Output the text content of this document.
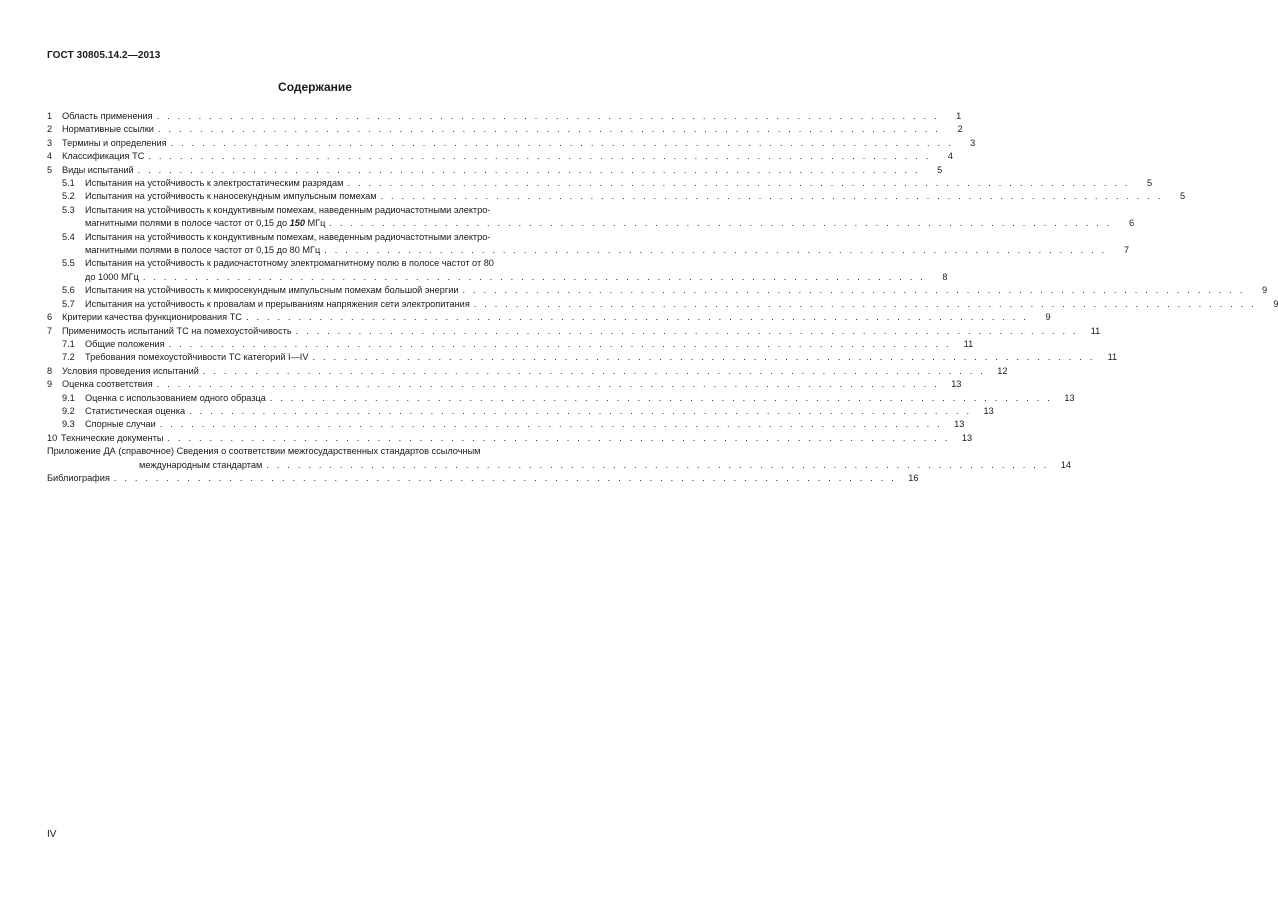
ГОСТ 30805.14.2—2013
Содержание
1	Область применения . . . . . . . . . . . . . . . . . . . . . . . . . . . . . . . . . . . . . . . . . . . . . . . . . . . . . . . . . . . . . . . . . . . . . . . . . . .	1
2	Нормативные ссылки . . . . . . . . . . . . . . . . . . . . . . . . . . . . . . . . . . . . . . . . . . . . . . . . . . . . . . . . . . . . . . . . . . . . . . . . . . .	2
3	Термины и определения . . . . . . . . . . . . . . . . . . . . . . . . . . . . . . . . . . . . . . . . . . . . . . . . . . . . . . . . . . . . . . . . . . . . . . . . . . .	3
4	Классификация ТС . . . . . . . . . . . . . . . . . . . . . . . . . . . . . . . . . . . . . . . . . . . . . . . . . . . . . . . . . . . . . . . . . . . . . . . . . . .	4
5	Виды испытаний . . . . . . . . . . . . . . . . . . . . . . . . . . . . . . . . . . . . . . . . . . . . . . . . . . . . . . . . . . . . . . . . . . . . . . . . . . .	5
5.1	Испытания на устойчивость к электростатическим разрядам . . . . . . . . . . . . . . . . . . . . . . . . . . . . . . . . . . . . . . . . . . . . . . . . . . . . . . . . . . . . . . . . . . . . . . . . . . .	5
5.2	Испытания на устойчивость к наносекундным импульсным помехам . . . . . . . . . . . . . . . . . . . . . . . . . . . . . . . . . . . . . . . . . . . . . . . . . . . . . . . . . . . . . . . . . . . . . . . . . . .	5
5.3 Испытания на устойчивость к кондуктивным помехам, наведенным радиочастотными электро-
магнитными полями в полосе частот от 0,15 до 150 МГц . . . . . . . . . . . . . . . . . . . . . . . . . . . . . . . . . . . . . . . . . . . . . . . . . . . . . . . . . . . . . . . . . . . . . . . . . . .	6
5.4 Испытания на устойчивость к кондуктивным помехам, наведенным радиочастотными электро-
магнитными полями в полосе частот от 0,15 до 80 МГц . . . . . . . . . . . . . . . . . . . . . . . . . . . . . . . . . . . . . . . . . . . . . . . . . . . . . . . . . . . . . . . . . . . . . . . . . . .	7
5.5 Испытания на устойчивость к радиочастотному электромагнитному полю в полосе частот от 80
до 1000 МГц . . . . . . . . . . . . . . . . . . . . . . . . . . . . . . . . . . . . . . . . . . . . . . . . . . . . . . . . . . . . . . . . . . . . . . . . . . .	8
5.6	Испытания на устойчивость к микросекундным импульсным помехам большой энергии . . . . . . . . . . . . . . . . . . . . . . . . . . . . . . . . . . . . . . . . . . . . . . . . . . . . . . . . . . . . . . . . . . . . . . . . . . .	9
5.7	Испытания на устойчивость к провалам и прерываниям напряжения сети электропитания . . . . . . . . . . . . . . . . . . . . . . . . . . . . . . . . . . . . . . . . . . . . . . . . . . . . . . . . . . . . . . . . . . . . . . . . . . .	9
6	Критерии качества функционирования ТС . . . . . . . . . . . . . . . . . . . . . . . . . . . . . . . . . . . . . . . . . . . . . . . . . . . . . . . . . . . . . . . . . . . . . . . . . . .	9
7	Применимость испытаний ТС на помехоустойчивость . . . . . . . . . . . . . . . . . . . . . . . . . . . . . . . . . . . . . . . . . . . . . . . . . . . . . . . . . . . . . . . . . . . . . . . . . . .	11
7.1	Общие положения . . . . . . . . . . . . . . . . . . . . . . . . . . . . . . . . . . . . . . . . . . . . . . . . . . . . . . . . . . . . . . . . . . . . . . . . . . .	11
7.2	Требования помехоустойчивости ТС категорий I—IV . . . . . . . . . . . . . . . . . . . . . . . . . . . . . . . . . . . . . . . . . . . . . . . . . . . . . . . . . . . . . . . . . . . . . . . . . . .	11
8	Условия проведения испытаний . . . . . . . . . . . . . . . . . . . . . . . . . . . . . . . . . . . . . . . . . . . . . . . . . . . . . . . . . . . . . . . . . . . . . . . . . . .	12
9	Оценка соответствия . . . . . . . . . . . . . . . . . . . . . . . . . . . . . . . . . . . . . . . . . . . . . . . . . . . . . . . . . . . . . . . . . . . . . . . . . . .	13
9.1	Оценка с использованием одного образца . . . . . . . . . . . . . . . . . . . . . . . . . . . . . . . . . . . . . . . . . . . . . . . . . . . . . . . . . . . . . . . . . . . . . . . . . . .	13
9.2	Статистическая оценка . . . . . . . . . . . . . . . . . . . . . . . . . . . . . . . . . . . . . . . . . . . . . . . . . . . . . . . . . . . . . . . . . . . . . . . . . . .	13
9.3	Спорные случаи . . . . . . . . . . . . . . . . . . . . . . . . . . . . . . . . . . . . . . . . . . . . . . . . . . . . . . . . . . . . . . . . . . . . . . . . . . .	13
10 Технические документы . . . . . . . . . . . . . . . . . . . . . . . . . . . . . . . . . . . . . . . . . . . . . . . . . . . . . . . . . . . . . . . . . . . . . . . . . . .	13
Приложение ДА (справочное) Сведения о соответствии межгосударственных стандартов ссылочным
международным стандартам . . . . . . . . . . . . . . . . . . . . . . . . . . . . . . . . . . . . . . . . . . . . . . . . . . . . . . . . . . . . . . . . . . . . . . . . . . .	14
Библиография . . . . . . . . . . . . . . . . . . . . . . . . . . . . . . . . . . . . . . . . . . . . . . . . . . . . . . . . . . . . . . . . . . . . . . . . . . .	16
IV
